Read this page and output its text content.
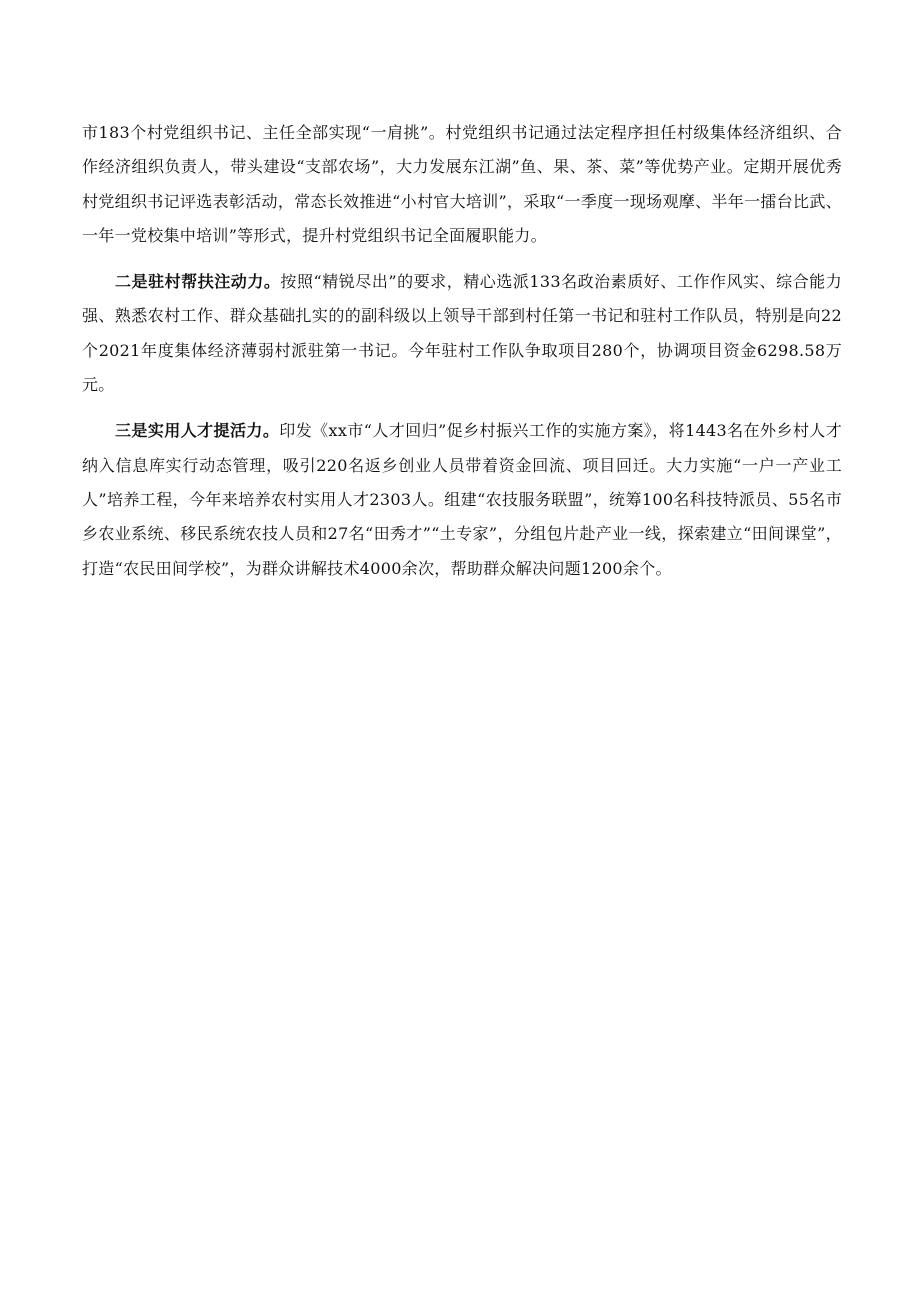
市183个村党组织书记、主任全部实现“一肩挑”。村党组织书记通过法定程序担任村级集体经济组织、合作经济组织负责人，带头建设“支部农场”，大力发展东江湖”鱼、果、茶、菜”等优势产业。定期开展优秀村党组织书记评选表彰活动，常态长效推进“小村官大培训”，采取“一季度一现场观摩、半年一擂台比武、一年一党校集中培训”等形式，提升村党组织书记全面履职能力。

二是驻村帮扶注动力。按照“精锐尽出”的要求，精心选派133名政治素质好、工作作风实、综合能力强、熟悉农村工作、群众基础扎实的的副科级以上领导干部到村任第一书记和驻村工作队员，特别是向22个2021年度集体经济薄弱村派驻第一书记。今年驻村工作队争取项目280个，协调项目资金6298.58万元。

三是实用人才提活力。印发《xx市“人才回归”促乡村振兴工作的实施方案》，将1443名在外乡村人才纳入信息库实行动态管理，吸引220名返乡创业人员带着资金回流、项目回迁。大力实施“一户一产业工人”培养工程，今年来培养农村实用人才2303人。组建“农技服务联盟”，统筹100名科技特派员、55名市乡农业系统、移民系统农技人员和27名“田秀才”“土专家”，分组包片赴产业一线，探索建立“田间课堂”，打造“农民田间学校”，为群众讲解技术4000余次，帮助群众解决问题1200余个。
